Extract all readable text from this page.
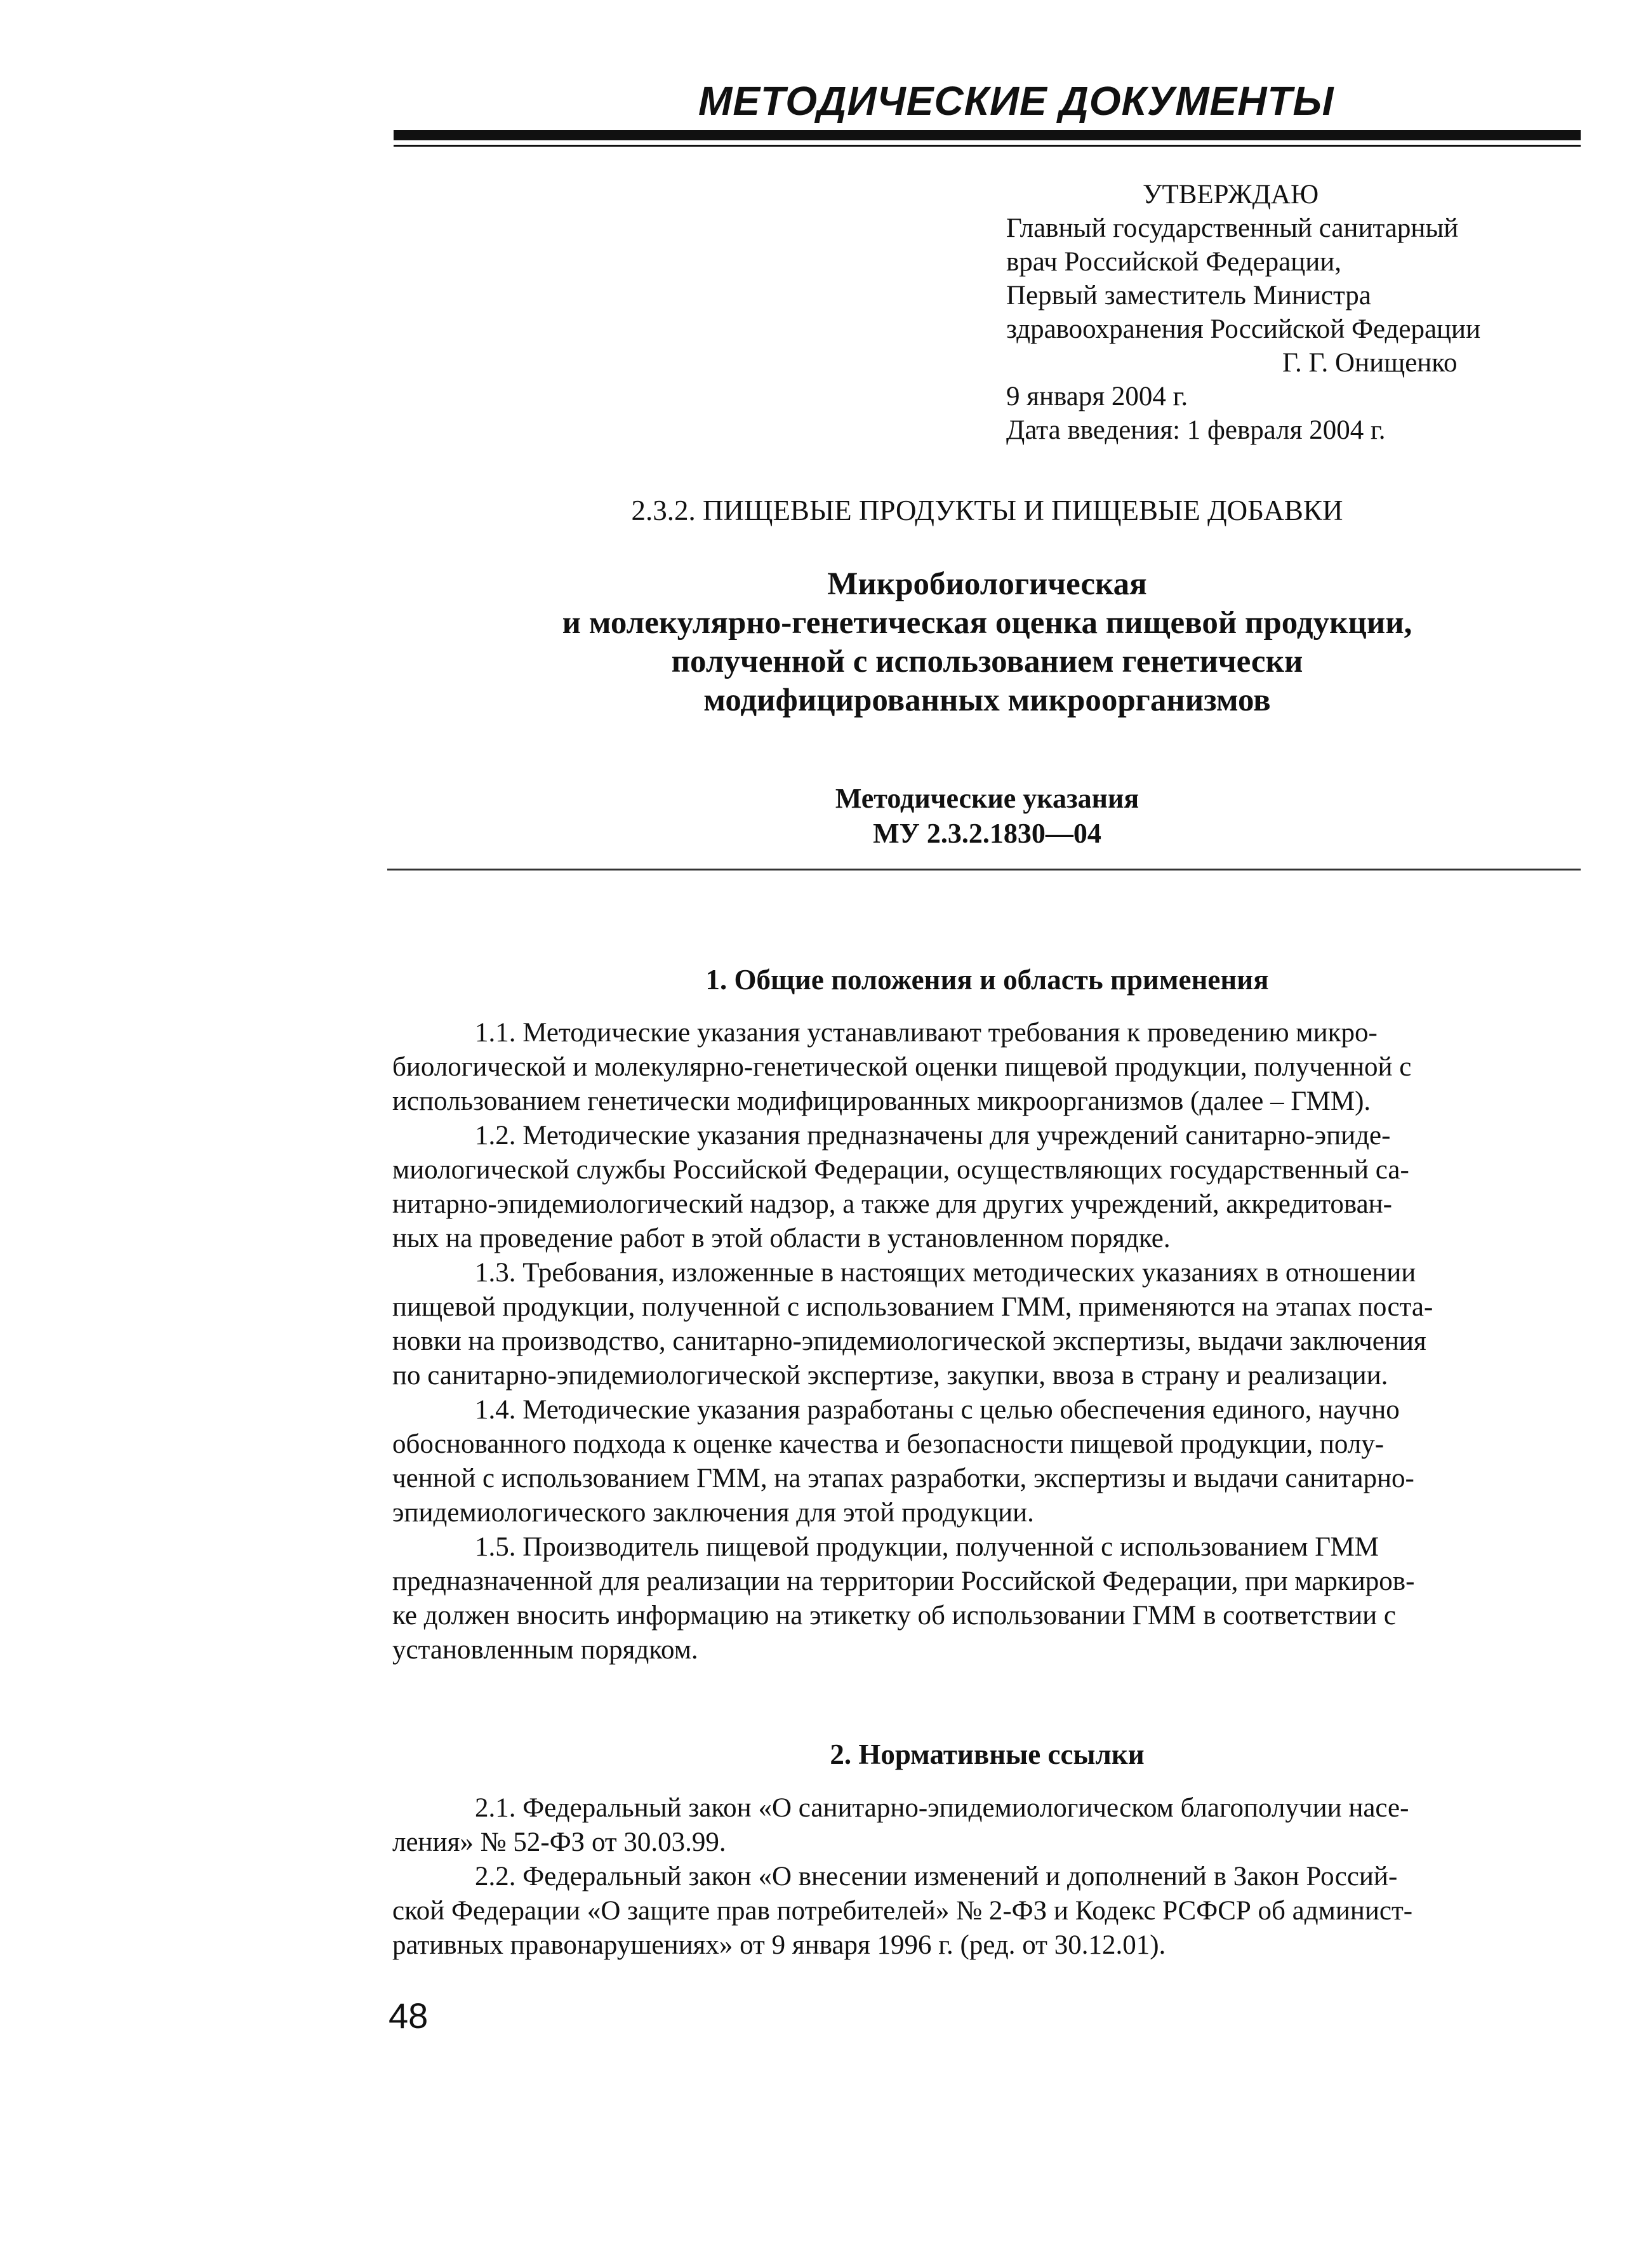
МЕТОДИЧЕСКИЕ ДОКУМЕНТЫ
УТВЕРЖДАЮ
Главный государственный санитарный
врач Российской Федерации,
Первый заместитель Министра
здравоохранения Российской Федерации
Г. Г. Онищенко
9 января 2004 г.
Дата введения: 1 февраля 2004 г.
2.3.2. ПИЩЕВЫЕ ПРОДУКТЫ И ПИЩЕВЫЕ ДОБАВКИ
Микробиологическая
и молекулярно-генетическая оценка пищевой продукции,
полученной с использованием генетически
модифицированных микроорганизмов
Методические указания
МУ 2.3.2.1830—04
1. Общие положения и область применения
1.1. Методические указания устанавливают требования к проведению микро-
биологической и молекулярно-генетической оценки пищевой продукции, полученной с
использованием генетически модифицированных микроорганизмов (далее – ГММ).
1.2. Методические указания предназначены для учреждений санитарно-эпиде-
миологической службы Российской Федерации, осуществляющих государственный са-
нитарно-эпидемиологический надзор, а также для других учреждений, аккредитован-
ных на проведение работ в этой области в установленном порядке.
1.3. Требования, изложенные в настоящих методических указаниях в отношении
пищевой продукции, полученной с использованием ГММ, применяются на этапах поста-
новки на производство, санитарно-эпидемиологической экспертизы, выдачи заключения
по санитарно-эпидемиологической экспертизе, закупки, ввоза в страну и реализации.
1.4. Методические указания разработаны с целью обеспечения единого, научно
обоснованного подхода к оценке качества и безопасности пищевой продукции, полу-
ченной с использованием ГММ, на этапах разработки, экспертизы и выдачи санитарно-
эпидемиологического заключения для этой продукции.
1.5. Производитель пищевой продукции, полученной с использованием ГММ
предназначенной для реализации на территории Российской Федерации, при маркиров-
ке должен вносить информацию на этикетку об использовании ГММ в соответствии с
установленным порядком.
2. Нормативные ссылки
2.1. Федеральный закон «О санитарно-эпидемиологическом благополучии насе-
ления» № 52-ФЗ от 30.03.99.
2.2. Федеральный закон «О внесении изменений и дополнений в Закон Россий-
ской Федерации «О защите прав потребителей» № 2-ФЗ и Кодекс РСФСР об админист-
ративных правонарушениях» от 9 января 1996 г. (ред. от 30.12.01).
48
